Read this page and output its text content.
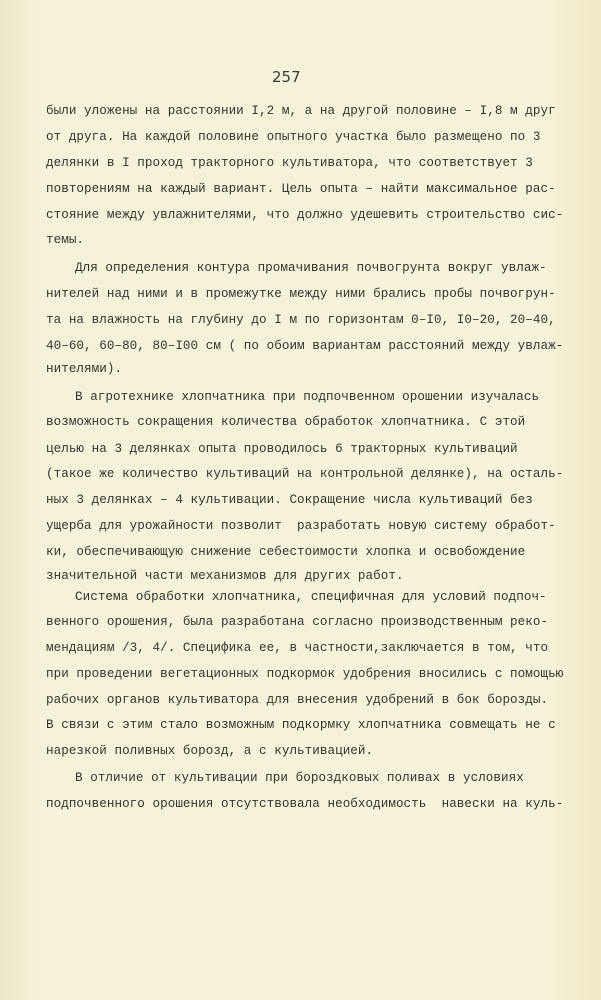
257
были уложены на расстоянии I,2 м, а на другой половине – I,8 м друг
от друга. На каждой половине опытного участка было размещено по 3
делянки в I проход тракторного культиватора, что соответствует 3
повторениям на каждый вариант. Цель опыта – найти максимальное рас-
стояние между увлажнителями, что должно удешевить строительство сис-
темы.
Для определения контура промачивания почвогрунта вокруг увлаж-
нителей над ними и в промежутке между ними брались пробы почвогрун-
та на влажность на глубину до I м по горизонтам 0–I0, I0–20, 20–40,
40–60, 60–80, 80–I00 см ( по обоим вариантам расстояний между увлаж-
нителями).
В агротехнике хлопчатника при подпочвенном орошении изучалась
возможность сокращения количества обработок хлопчатника. С этой
целью на 3 делянках опыта проводилось 6 тракторных культиваций
(такое же количество культиваций на контрольной делянке), на осталь-
ных 3 делянках – 4 культивации. Сокращение числа культиваций без
ущерба для урожайности позволит  разработать новую систему обработ-
ки, обеспечивающую снижение себестоимости хлопка и освобождение
значительной части механизмов для других работ.
Система обработки хлопчатника, специфичная для условий подпоч-
венного орошения, была разработана согласно производственным реко-
мендациям /3, 4/. Специфика ее, в частности,заключается в том, что
при проведении вегетационных подкормок удобрения вносились с помощью
рабочих органов культиватора для внесения удобрений в бок борозды.
В связи с этим стало возможным подкормку хлопчатника совмещать не с
нарезкой поливных борозд, а с культивацией.
В отличие от культивации при бороздковых поливах в условиях
подпочвенного орошения отсутствовала необходимость  навески на куль-
